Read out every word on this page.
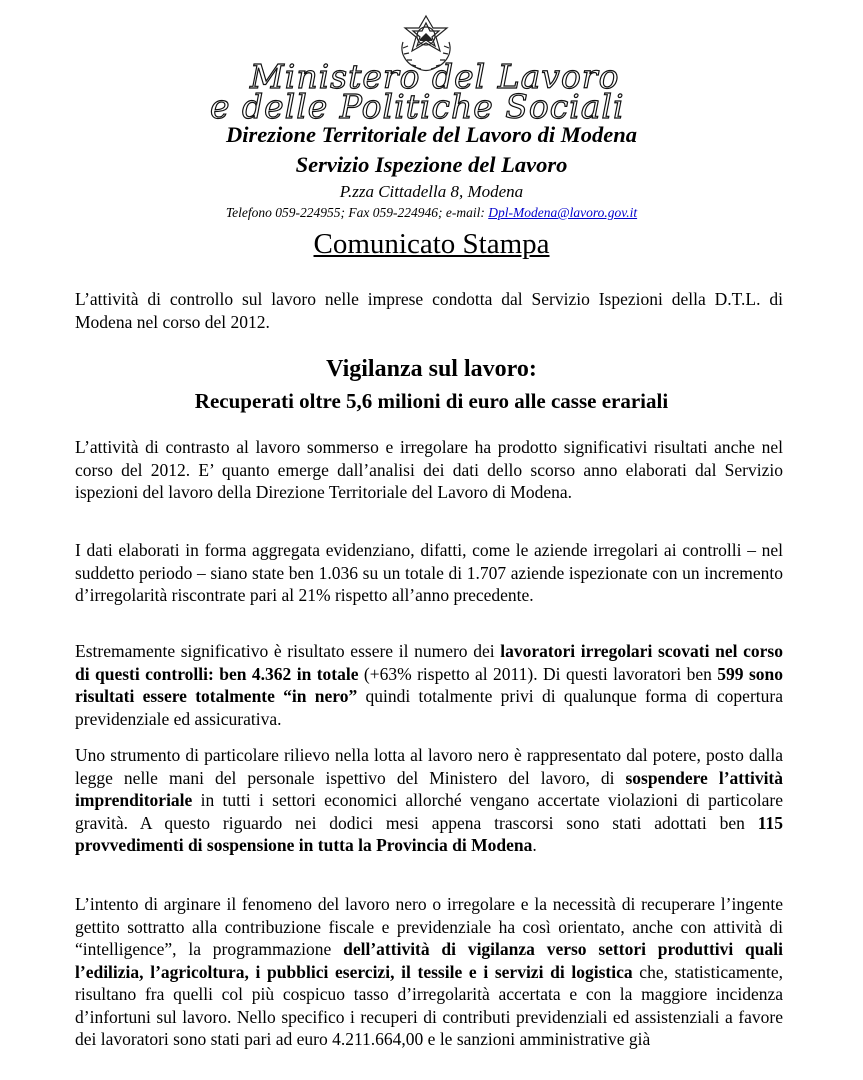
Ministero del Lavoro
e delle Politiche Sociali
Direzione Territoriale del Lavoro di Modena
Servizio Ispezione del Lavoro
P.zza Cittadella 8, Modena
Telefono 059-224955; Fax 059-224946; e-mail: Dpl-Modena@lavoro.gov.it
Comunicato Stampa
L’attività di controllo sul lavoro nelle imprese condotta dal Servizio Ispezioni della D.T.L. di Modena nel corso del 2012.
Vigilanza sul lavoro:
Recuperati oltre 5,6 milioni di euro alle casse erariali
L’attività di contrasto al lavoro sommerso e irregolare ha prodotto significativi risultati anche nel corso del 2012. E’ quanto emerge dall’analisi dei dati dello scorso anno elaborati dal Servizio ispezioni del lavoro della Direzione Territoriale del Lavoro di Modena.
I dati elaborati in forma aggregata evidenziano, difatti, come le aziende irregolari ai controlli – nel suddetto periodo – siano state ben 1.036 su un totale di 1.707 aziende ispezionate con un incremento d’irregolarità riscontrate pari al 21% rispetto all’anno precedente.
Estremamente significativo è risultato essere il numero dei lavoratori irregolari scovati nel corso di questi controlli: ben 4.362 in totale (+63% rispetto al 2011). Di questi lavoratori ben 599 sono risultati essere totalmente “in nero” quindi totalmente privi di qualunque forma di copertura previdenziale ed assicurativa.
Uno strumento di particolare rilievo nella lotta al lavoro nero è rappresentato dal potere, posto dalla legge nelle mani del personale ispettivo del Ministero del lavoro, di sospendere l’attività imprenditoriale in tutti i settori economici allorché vengano accertate violazioni di particolare gravità. A questo riguardo nei dodici mesi appena trascorsi sono stati adottati ben 115 provvedimenti di sospensione in tutta la Provincia di Modena.
L’intento di arginare il fenomeno del lavoro nero o irregolare e la necessità di recuperare l’ingente gettito sottratto alla contribuzione fiscale e previdenziale ha così orientato, anche con attività di “intelligence”, la programmazione dell’attività di vigilanza verso settori produttivi quali l’edilizia, l’agricoltura, i pubblici esercizi, il tessile e i servizi di logistica che, statisticamente, risultano fra quelli col più cospicuo tasso d’irregolarità accertata e con la maggiore incidenza d’infortuni sul lavoro. Nello specifico i recuperi di contributi previdenziali ed assistenziali a favore dei lavoratori sono stati pari ad euro 4.211.664,00 e le sanzioni amministrative già
